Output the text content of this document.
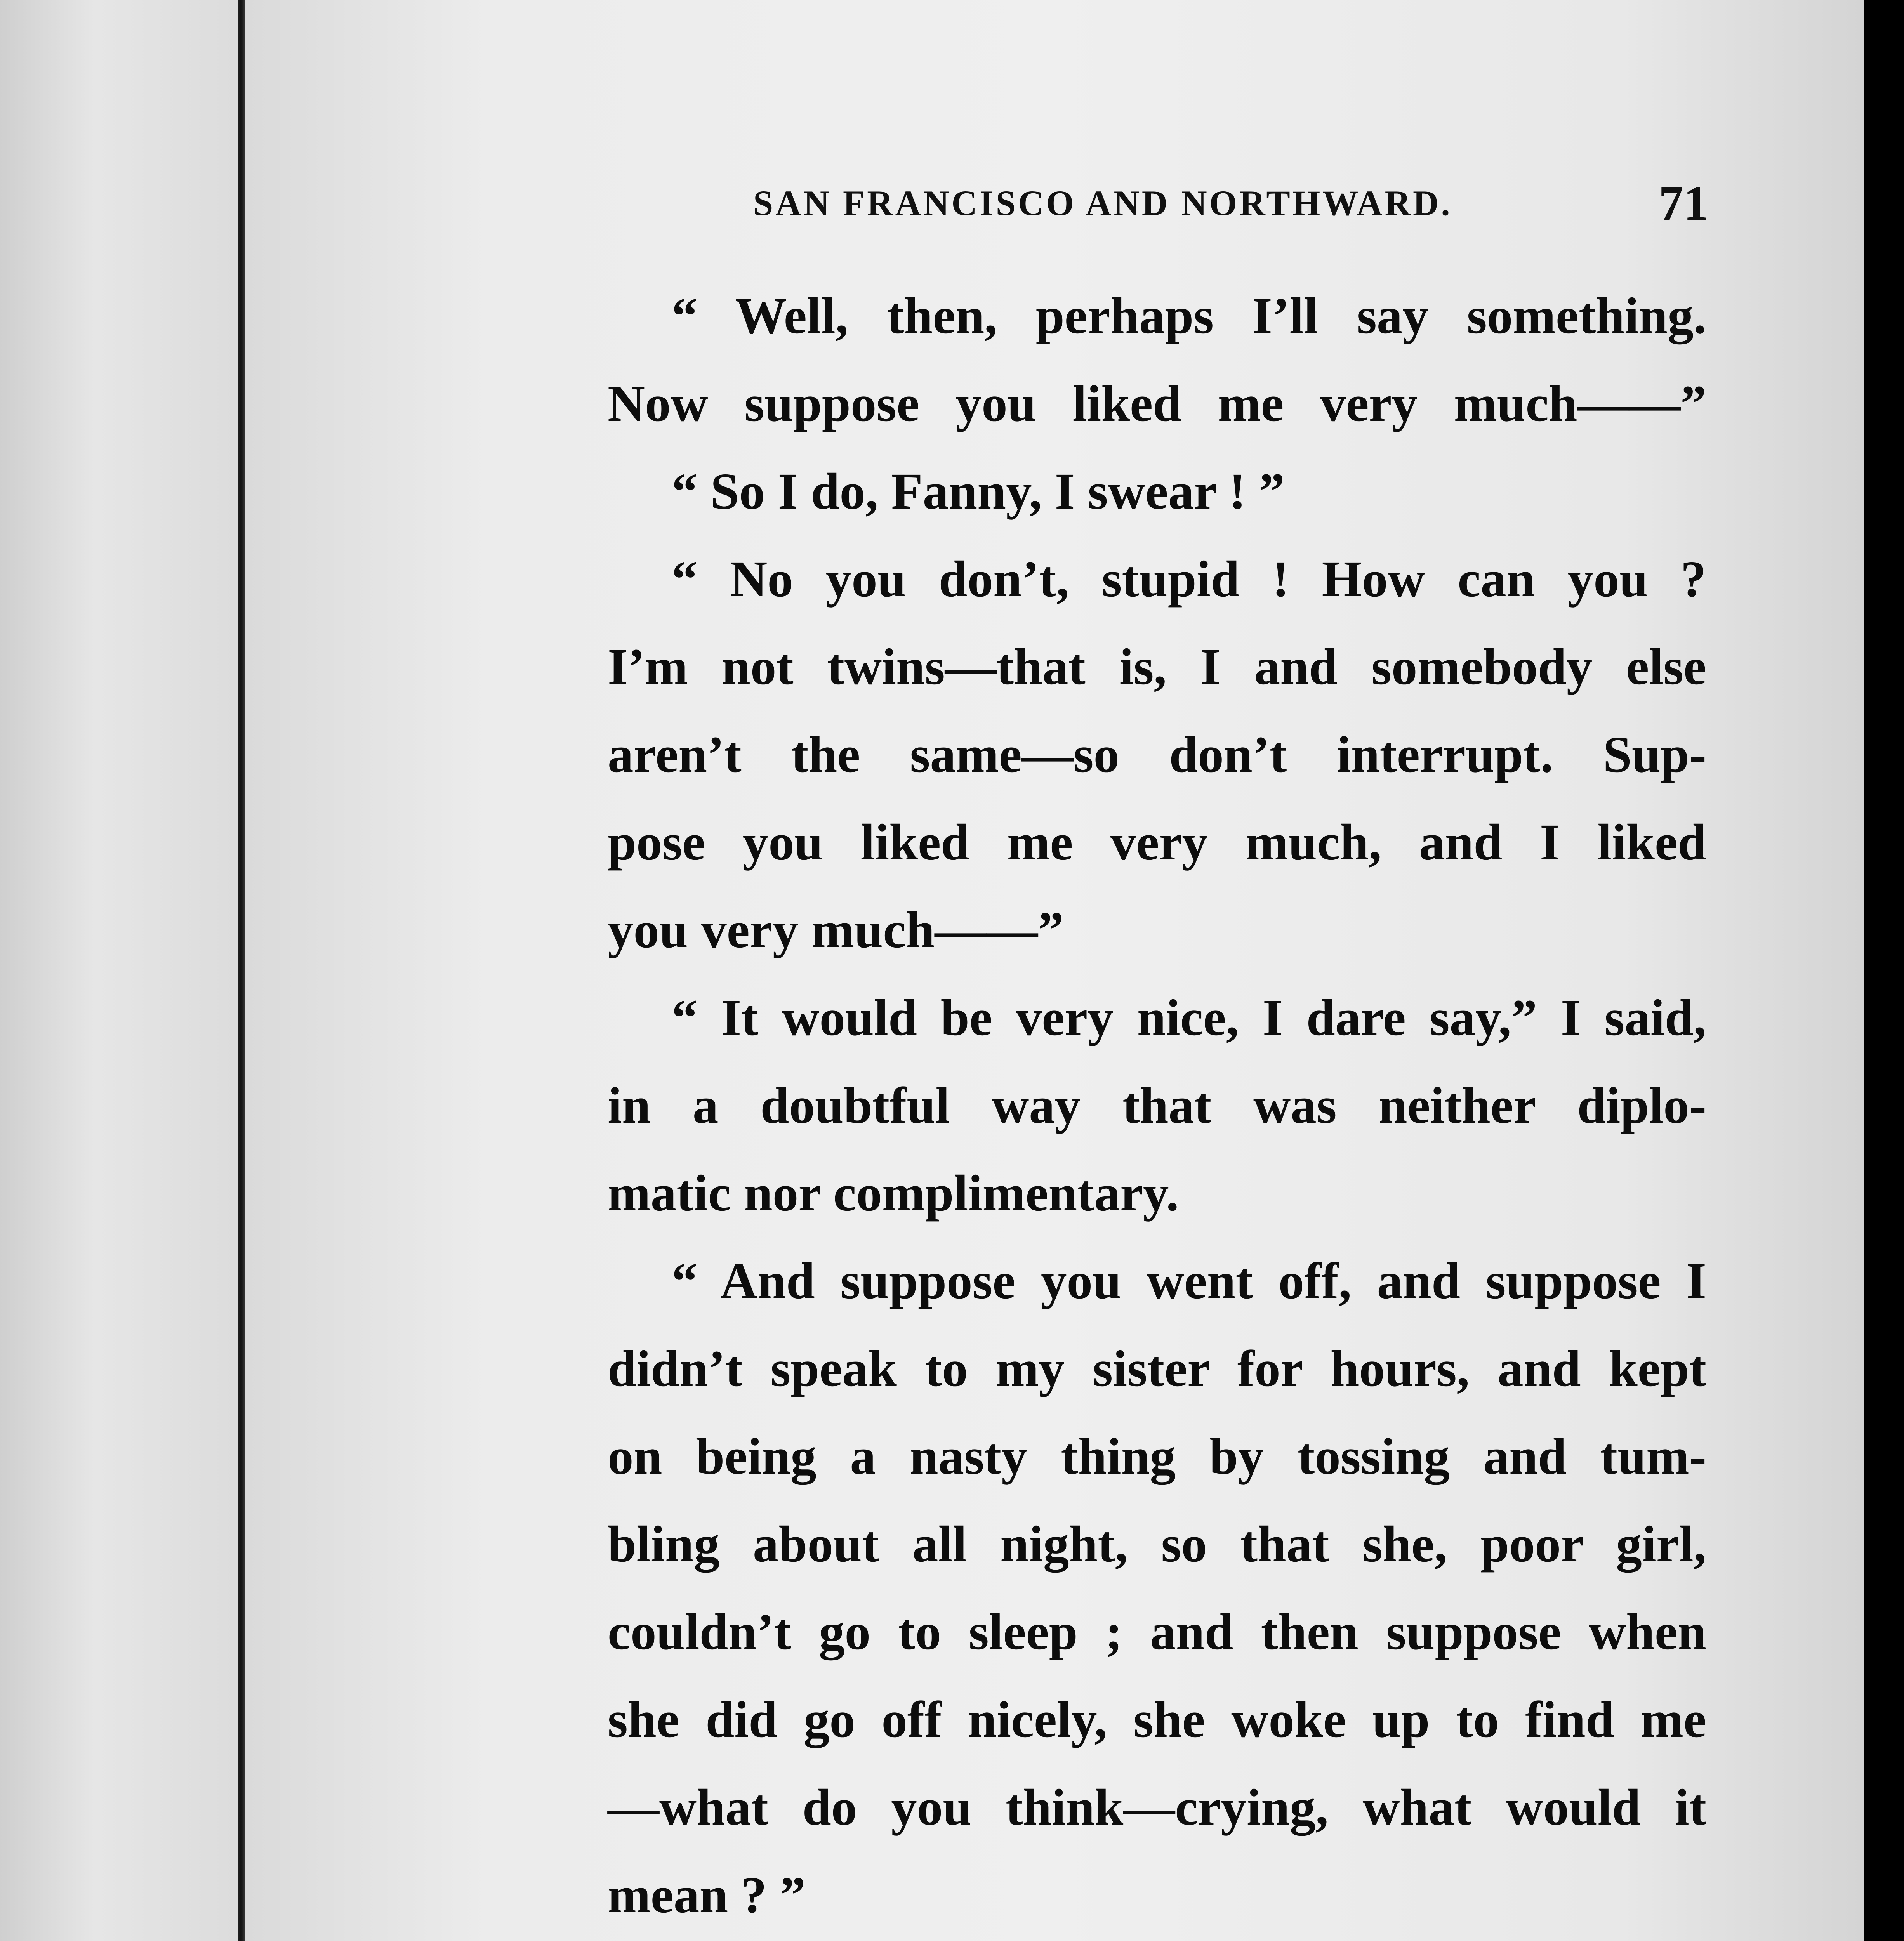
SAN FRANCISCO AND NORTHWARD.	71
“ Well, then, perhaps I’ll say something.
Now suppose you liked me very much——”
“ So I do, Fanny, I swear ! ”
“ No you don’t, stupid ! How can you ?
I’m not twins—that is, I and somebody else
aren’t the same—so don’t interrupt. Sup-
pose you liked me very much, and I liked
you very much——”
“ It would be very nice, I dare say,” I said,
in a doubtful way that was neither diplo-
matic nor complimentary.
“ And suppose you went off, and suppose I
didn’t speak to my sister for hours, and kept
on being a nasty thing by tossing and tum-
bling about all night, so that she, poor girl,
couldn’t go to sleep ; and then suppose when
she did go off nicely, she woke up to find me
—what do you think—crying, what would it
mean ? ”
